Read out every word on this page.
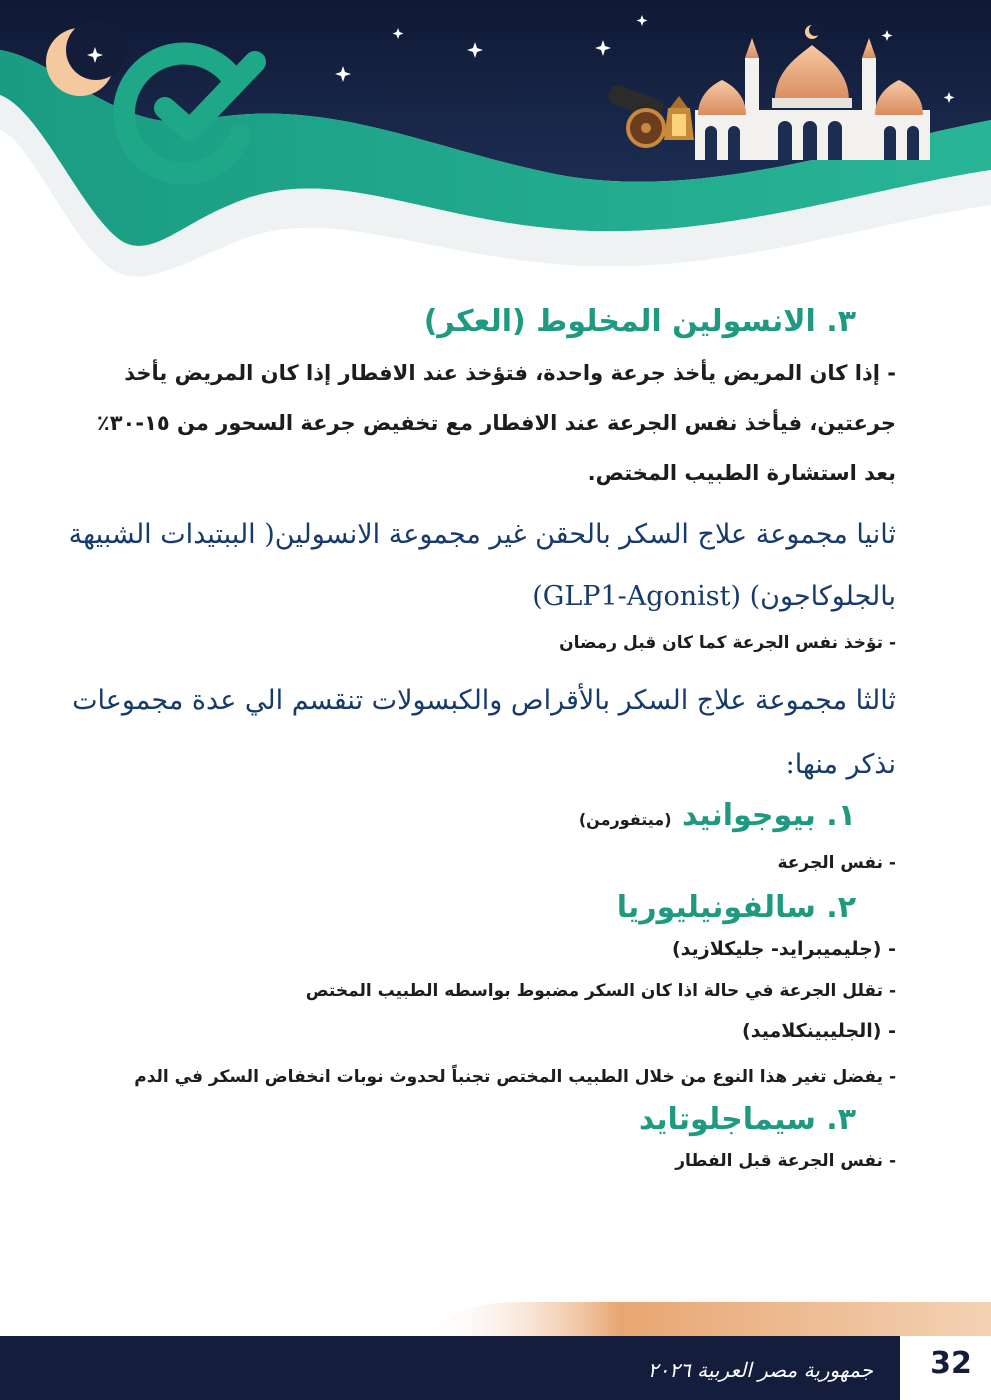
٣. الانسولين المخلوط (العكر)

- إذا كان المريض يأخذ جرعة واحدة، فتؤخذ عند الافطار إذا كان المريض يأخذ جرعتين، فيأخذ نفس الجرعة عند الافطار مع تخفيض جرعة السحور من ١٥-٣٠٪ بعد استشارة الطبيب المختص.

ثانيا مجموعة علاج السكر بالحقن غير مجموعة الانسولين( الببتيدات الشبيهة

بالجلوكاجون) (GLP1-Agonist)

- تؤخذ نفس الجرعة كما كان قبل رمضان

ثالثا مجموعة علاج السكر بالأقراص والكبسولات تنقسم الي عدة مجموعات

نذكر منها:

١. بيوجوانيد (ميتفورمن)

- نفس الجرعة

٢. سالفونيليوريا

- (جليميبرايد- جليكلازيد)

- تقلل الجرعة في حالة اذا كان السكر مضبوط بواسطه الطبيب المختص

- (الجليبينكلاميد)

- يفضل تغير هذا النوع من خلال الطبيب المختص تجنباً لحدوث نوبات انخفاض السكر في الدم

٣. سيماجلوتايد

- نفس الجرعة قبل الفطار

جمهورية مصر العربية ٢٠٢٦	32
